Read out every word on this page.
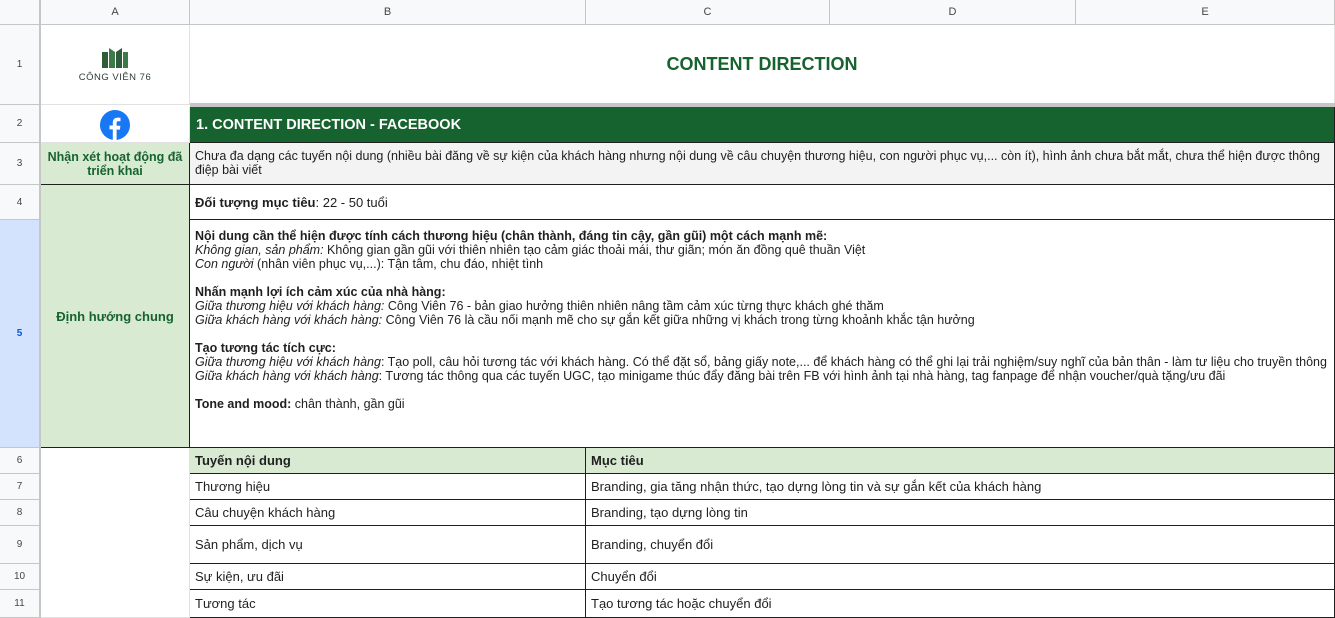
A	B	C	D	E
1
2
3
4
5
6
7
8
9
10
11
CÔNG VIÊN 76
CONTENT DIRECTION
1. CONTENT DIRECTION - FACEBOOK
Nhận xét hoạt động đã triển khai
Chưa đa dạng các tuyến nội dung (nhiều bài đăng về sự kiện của khách hàng nhưng nội dung về câu chuyện thương hiệu, con người phục vụ,... còn ít), hình ảnh chưa bắt mắt, chưa thể hiện được thông điệp bài viết
Định hướng chung
Đối tượng mục tiêu : 22 - 50 tuổi
Nội dung cần thể hiện được tính cách thương hiệu (chân thành, đáng tin cậy, gần gũi) một cách mạnh mẽ:
Không gian, sản phẩm: Không gian gần gũi với thiên nhiên tạo cảm giác thoải mái, thư giãn; món ăn đồng quê thuần Việt
Con người (nhân viên phục vụ,...): Tận tâm, chu đáo, nhiệt tình
Nhấn mạnh lợi ích cảm xúc của nhà hàng:
Giữa thương hiệu với khách hàng: Công Viên 76 - bản giao hưởng thiên nhiên nâng tầm cảm xúc từng thực khách ghé thăm
Giữa khách hàng với khách hàng: Công Viên 76 là cầu nối mạnh mẽ cho sự gắn kết giữa những vị khách trong từng khoảnh khắc tận hưởng
Tạo tương tác tích cực:
Giữa thương hiệu với khách hàng: Tạo poll, câu hỏi tương tác với khách hàng. Có thể đặt sổ, bảng giấy note,... để khách hàng có thể ghi lại trải nghiệm/suy nghĩ của bản thân - làm tư liệu cho truyền thông
Giữa khách hàng với khách hàng: Tương tác thông qua các tuyến UGC, tạo minigame thúc đẩy đăng bài trên FB với hình ảnh tại nhà hàng, tag fanpage để nhận voucher/quà tặng/ưu đãi
Tone and mood: chân thành, gần gũi
Tuyến nội dung	Mục tiêu
Thương hiệu	Branding, gia tăng nhận thức, tạo dựng lòng tin và sự gắn kết của khách hàng
Câu chuyện khách hàng	Branding, tạo dựng lòng tin
Sản phẩm, dịch vụ	Branding, chuyển đổi
Sự kiện, ưu đãi	Chuyển đổi
Tương tác	Tạo tương tác hoặc chuyển đổi
